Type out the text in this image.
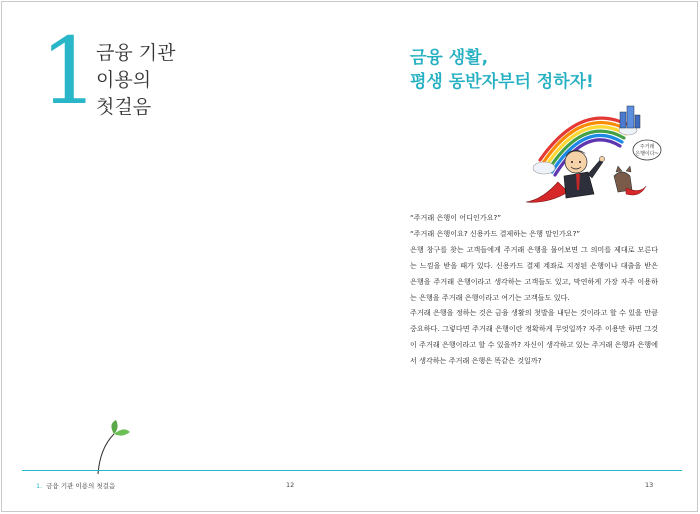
1
금융 기관
이용의
첫걸음
금융 생활,
평생 동반자부터 정하자!
주거래
은행이다~

“주거래 은행이 어디인가요?”

“주거래 은행이요? 신용카드 결제하는 은행 말인가요?”

은행 창구를 찾는 고객들에게 주거래 은행을 물어보면 그 의미를 제대로 모른다는 느낌을 받을 때가 있다. 신용카드 결제 계좌로 지정된 은행이나 대출을 받은 은행을 주거래 은행이라고 생각하는 고객들도 있고, 막연하게 가장 자주 이용하는 은행을 주거래 은행이라고 여기는 고객들도 있다.

주거래 은행을 정하는 것은 금융 생활의 첫발을 내딛는 것이라고 할 수 있을 만큼 중요하다. 그렇다면 주거래 은행이란 정확하게 무엇일까? 자주 이용만 하면 그것이 주거래 은행이라고 할 수 있을까? 자신이 생각하고 있는 주거래 은행과 은행에서 생각하는 주거래 은행은 똑같은 것일까?

1. 금융 기관 이용의 첫걸음	12	13
